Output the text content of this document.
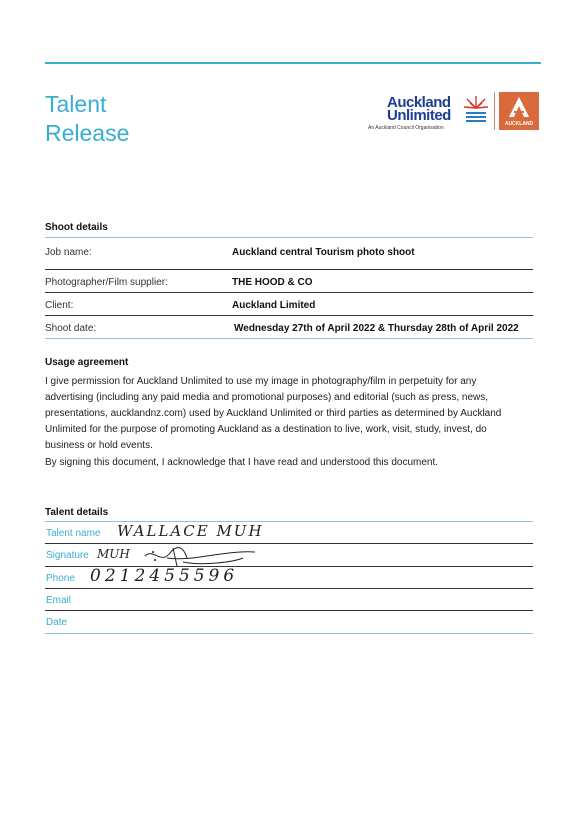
Talent
Release
Auckland
Unlimited
An Auckland Council Organisation
AUCKLAND
Shoot details
Job name:	Auckland central Tourism photo shoot
Photographer/Film supplier:	THE HOOD & CO
Client:	Auckland Limited
Shoot date:	Wednesday 27th of April 2022 & Thursday 28th of April 2022
Usage agreement
I give permission for Auckland Unlimited to use my image in photography/film in perpetuity for any advertising (including any paid media and promotional purposes) and editorial (such as press, news, presentations, aucklandnz.com) used by Auckland Unlimited or third parties as determined by Auckland Unlimited for the purpose of promoting Auckland as a destination to live, work, visit, study, invest, do business or hold events.
By signing this document, I acknowledge that I have read and understood this document.
Talent details
Talent name WALLACE MUH
Signature MUH
Phone 0212455596
Email
Date
